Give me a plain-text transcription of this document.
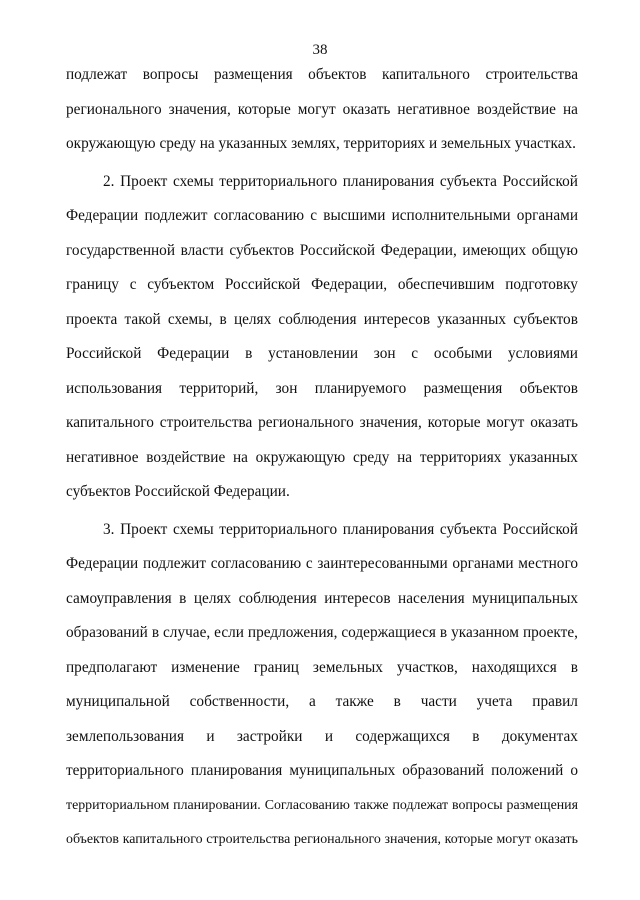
38
подлежат вопросы размещения объектов капитального строительства
регионального значения, которые могут оказать негативное воздействие на
окружающую среду на указанных землях, территориях и земельных участках.
2. Проект схемы территориального планирования субъекта Российской
Федерации подлежит согласованию с высшими исполнительными органами
государственной власти субъектов Российской Федерации, имеющих общую
границу с субъектом Российской Федерации, обеспечившим подготовку
проекта такой схемы, в целях соблюдения интересов указанных субъектов
Российской Федерации в установлении зон с особыми условиями
использования территорий, зон планируемого размещения объектов
капитального строительства регионального значения, которые могут оказать
негативное воздействие на окружающую среду на территориях указанных
субъектов Российской Федерации.
3. Проект схемы территориального планирования субъекта Российской
Федерации подлежит согласованию с заинтересованными органами местного
самоуправления в целях соблюдения интересов населения муниципальных
образований в случае, если предложения, содержащиеся в указанном проекте,
предполагают изменение границ земельных участков, находящихся в
муниципальной собственности, а также в части учета правил
землепользования и застройки и содержащихся в документах
территориального планирования муниципальных образований положений о
территориальном планировании. Согласованию также подлежат вопросы размещения
объектов капитального строительства регионального значения, которые могут оказать
